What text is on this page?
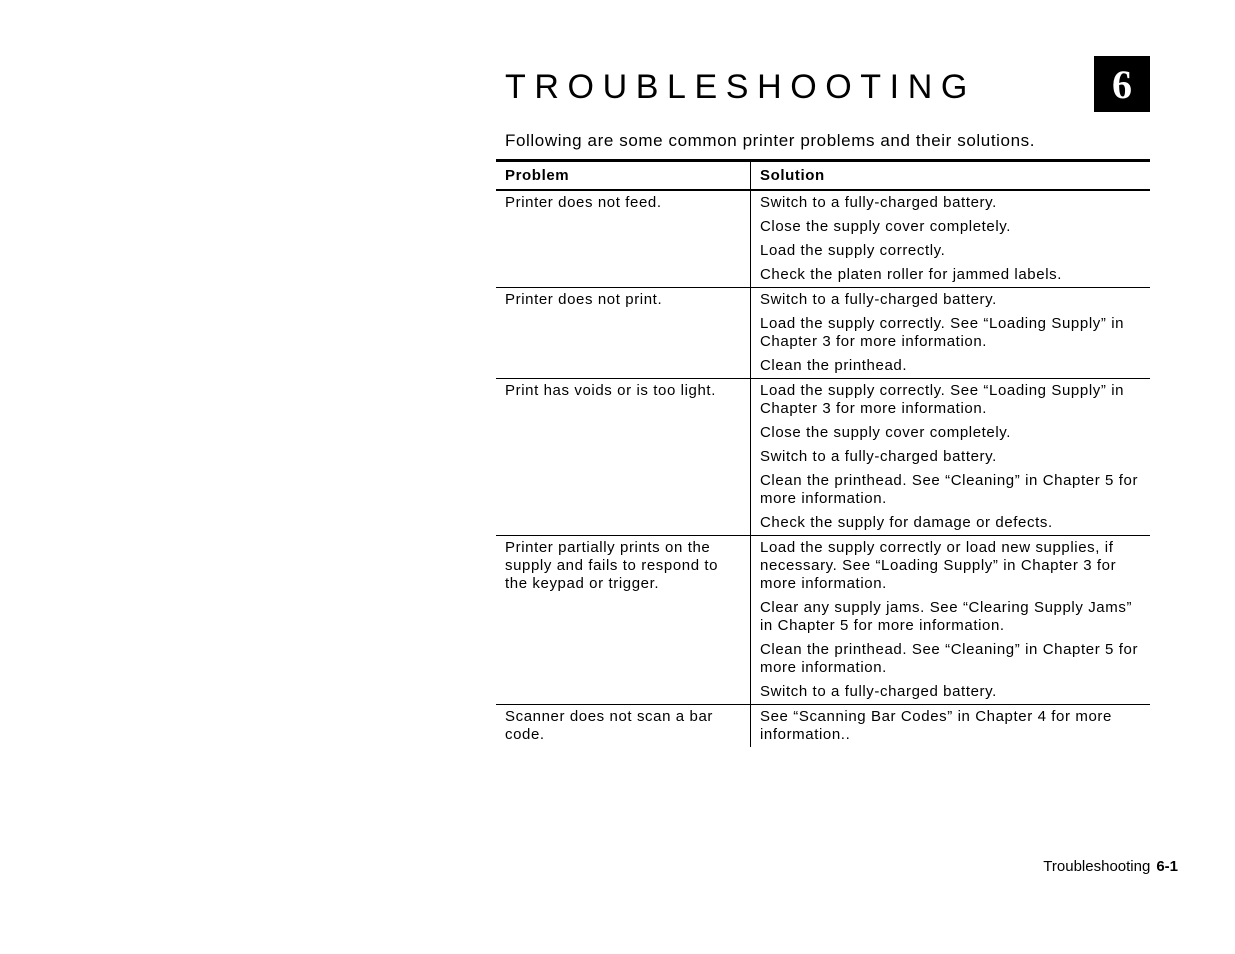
TROUBLESHOOTING	6

Following are some common printer problems and their solutions.

Problem	Solution
Printer does not feed.	Switch to a fully-charged battery.

Close the supply cover completely.

Load the supply correctly.

Check the platen roller for jammed labels.

Printer does not print.	Switch to a fully-charged battery.

Load the supply correctly. See “Loading Supply” in Chapter 3 for more information.

Clean the printhead.

Print has voids or is too light.	Load the supply correctly. See “Loading Supply” in Chapter 3 for more information.

Close the supply cover completely.

Switch to a fully-charged battery.

Clean the printhead. See “Cleaning” in Chapter 5 for more information.

Check the supply for damage or defects.

Printer partially prints on the supply and fails to respond to the keypad or trigger.	Load the supply correctly or load new supplies, if necessary. See “Loading Supply” in Chapter 3 for more information.

Clear any supply jams. See “Clearing Supply Jams” in Chapter 5 for more information.

Clean the printhead. See “Cleaning” in Chapter 5 for more information.

Switch to a fully-charged battery.

Scanner does not scan a bar code.	See “Scanning Bar Codes” in Chapter 4 for more information..

Troubleshooting 6-1
